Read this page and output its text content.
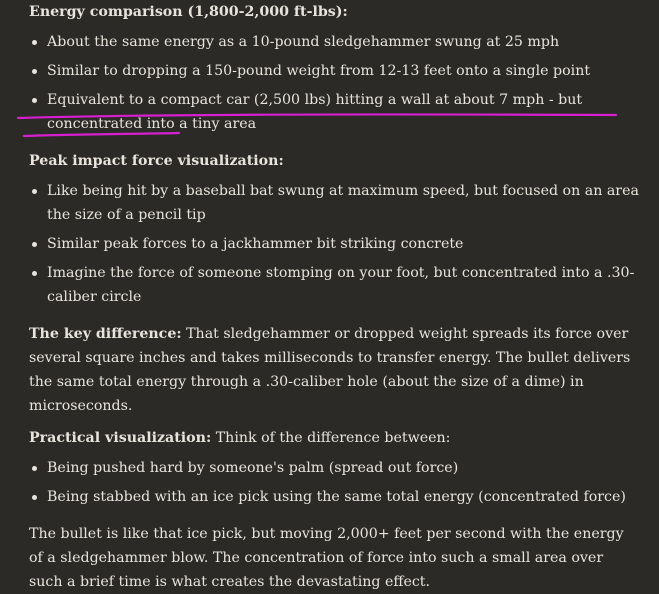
Energy comparison (1,800-2,000 ft-lbs):

About the same energy as a 10-pound sledgehammer swung at 25 mph
Similar to dropping a 150-pound weight from 12-13 feet onto a single point
Equivalent to a compact car (2,500 lbs) hitting a wall at about 7 mph - but concentrated into a tiny area

Peak impact force visualization:

Like being hit by a baseball bat swung at maximum speed, but focused on an area the size of a pencil tip
Similar peak forces to a jackhammer bit striking concrete
Imagine the force of someone stomping on your foot, but concentrated into a .30-caliber circle

The key difference: That sledgehammer or dropped weight spreads its force over several square inches and takes milliseconds to transfer energy. The bullet delivers the same total energy through a .30-caliber hole (about the size of a dime) in microseconds.

Practical visualization: Think of the difference between:

Being pushed hard by someone's palm (spread out force)
Being stabbed with an ice pick using the same total energy (concentrated force)

The bullet is like that ice pick, but moving 2,000+ feet per second with the energy of a sledgehammer blow. The concentration of force into such a small area over such a brief time is what creates the devastating effect.
